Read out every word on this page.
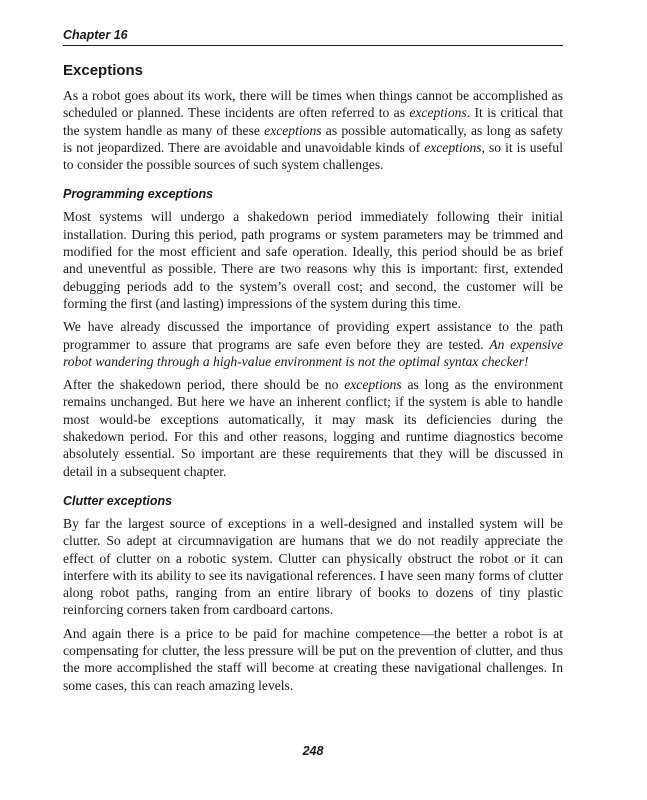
Chapter 16
Exceptions

As a robot goes about its work, there will be times when things cannot be accomplished as scheduled or planned. These incidents are often referred to as exceptions. It is critical that the system handle as many of these exceptions as possible automatically, as long as safety is not jeopardized. There are avoidable and unavoidable kinds of exceptions, so it is useful to consider the possible sources of such system challenges.

Programming exceptions

Most systems will undergo a shakedown period immediately following their initial installation. During this period, path programs or system parameters may be trimmed and modified for the most efficient and safe operation. Ideally, this period should be as brief and uneventful as possible. There are two reasons why this is important: first, extended debugging periods add to the system’s overall cost; and second, the customer will be forming the first (and lasting) impressions of the system during this time.

We have already discussed the importance of providing expert assistance to the path programmer to assure that programs are safe even before they are tested. An expensive robot wandering through a high-value environment is not the optimal syntax checker!

After the shakedown period, there should be no exceptions as long as the environment remains unchanged. But here we have an inherent conflict; if the system is able to handle most would-be exceptions automatically, it may mask its deficiencies during the shakedown period. For this and other reasons, logging and runtime diagnostics become absolutely essential. So important are these requirements that they will be discussed in detail in a subsequent chapter.

Clutter exceptions

By far the largest source of exceptions in a well-designed and installed system will be clutter. So adept at circumnavigation are humans that we do not readily appreciate the effect of clutter on a robotic system. Clutter can physically obstruct the robot or it can interfere with its ability to see its navigational references. I have seen many forms of clutter along robot paths, ranging from an entire library of books to dozens of tiny plastic reinforcing corners taken from cardboard cartons.

And again there is a price to be paid for machine competence—the better a robot is at compensating for clutter, the less pressure will be put on the prevention of clutter, and thus the more accomplished the staff will become at creating these navigational challenges. In some cases, this can reach amazing levels.

248
